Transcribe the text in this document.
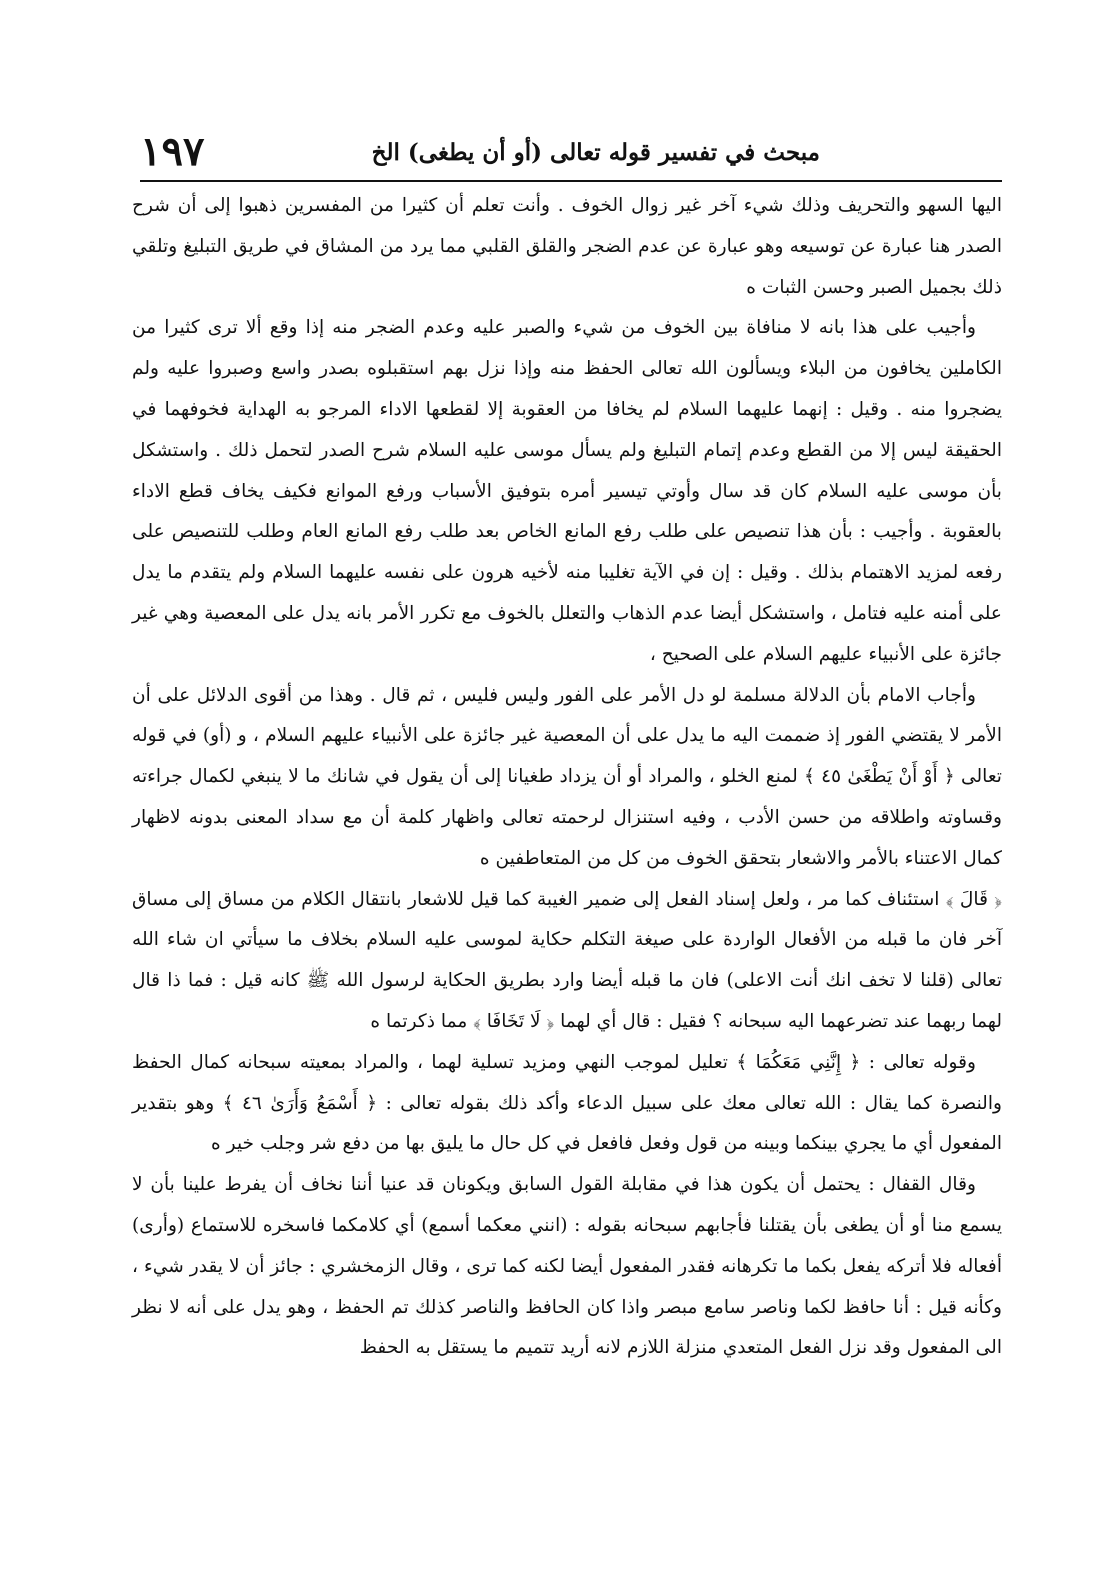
١٩٧	مبحث في تفسير قوله تعالى (أو أن يطغى) الخ

اليها السهو والتحريف وذلك شيء آخر غير زوال الخوف . وأنت تعلم أن كثيرا من المفسرين ذهبوا إلى أن شرح الصدر هنا عبارة عن توسيعه وهو عبارة عن عدم الضجر والقلق القلبي مما يرد من المشاق في طريق التبليغ وتلقي ذلك بجميل الصبر وحسن الثبات ه

وأجيب على هذا بانه لا منافاة بين الخوف من شيء والصبر عليه وعدم الضجر منه إذا وقع ألا ترى كثيرا من الكاملين يخافون من البلاء ويسألون الله تعالى الحفظ منه وإذا نزل بهم استقبلوه بصدر واسع وصبروا عليه ولم يضجروا منه . وقيل : إنهما عليهما السلام لم يخافا من العقوبة إلا لقطعها الاداء المرجو به الهداية فخوفهما في الحقيقة ليس إلا من القطع وعدم إتمام التبليغ ولم يسأل موسى عليه السلام شرح الصدر لتحمل ذلك . واستشكل بأن موسى عليه السلام كان قد سال وأوتي تيسير أمره بتوفيق الأسباب ورفع الموانع فكيف يخاف قطع الاداء بالعقوبة . وأجيب : بأن هذا تنصيص على طلب رفع المانع الخاص بعد طلب رفع المانع العام وطلب للتنصيص على رفعه لمزيد الاهتمام بذلك . وقيل : إن في الآية تغليبا منه لأخيه هرون على نفسه عليهما السلام ولم يتقدم ما يدل على أمنه عليه فتامل ، واستشكل أيضا عدم الذهاب والتعلل بالخوف مع تكرر الأمر بانه يدل على المعصية وهي غير جائزة على الأنبياء عليهم السلام على الصحيح ،

وأجاب الامام بأن الدلالة مسلمة لو دل الأمر على الفور وليس فليس ، ثم قال . وهذا من أقوى الدلائل على أن الأمر لا يقتضي الفور إذ ضممت اليه ما يدل على أن المعصية غير جائزة على الأنبياء عليهم السلام ، و (أو) في قوله تعالى ﴿ أَوْ أَنْ يَطْغَىٰ ٤٥ ﴾ لمنع الخلو ، والمراد أو أن يزداد طغيانا إلى أن يقول في شانك ما لا ينبغي لكمال جراءته وقساوته واطلاقه من حسن الأدب ، وفيه استنزال لرحمته تعالى واظهار كلمة أن مع سداد المعنى بدونه لاظهار كمال الاعتناء بالأمر والاشعار بتحقق الخوف من كل من المتعاطفين ه

﴿ قَالَ ﴾ استئناف كما مر ، ولعل إسناد الفعل إلى ضمير الغيبة كما قيل للاشعار بانتقال الكلام من مساق إلى مساق آخر فان ما قبله من الأفعال الواردة على صيغة التكلم حكاية لموسى عليه السلام بخلاف ما سيأتي ان شاء الله تعالى (قلنا لا تخف انك أنت الاعلى) فان ما قبله أيضا وارد بطريق الحكاية لرسول الله ﷺ كانه قيل : فما ذا قال لهما ربهما عند تضرعهما اليه سبحانه ؟ فقيل : قال أي لهما ﴿ لَا تَخَافَا ﴾ مما ذكرتما ه

وقوله تعالى : ﴿ إِنَّنِي مَعَكُمَا ﴾ تعليل لموجب النهي ومزيد تسلية لهما ، والمراد بمعيته سبحانه كمال الحفظ والنصرة كما يقال : الله تعالى معك على سبيل الدعاء وأكد ذلك بقوله تعالى : ﴿ أَسْمَعُ وَأَرَىٰ ٤٦ ﴾ وهو بتقدير المفعول أي ما يجري بينكما وبينه من قول وفعل فافعل في كل حال ما يليق بها من دفع شر وجلب خير ه

وقال القفال : يحتمل أن يكون هذا في مقابلة القول السابق ويكونان قد عنيا أننا نخاف أن يفرط علينا بأن لا يسمع منا أو أن يطغى بأن يقتلنا فأجابهم سبحانه بقوله : (انني معكما أسمع) أي كلامكما فاسخره للاستماع (وأرى) أفعاله فلا أتركه يفعل بكما ما تكرهانه فقدر المفعول أيضا لكنه كما ترى ، وقال الزمخشري : جائز أن لا يقدر شيء ، وكأنه قيل : أنا حافظ لكما وناصر سامع مبصر واذا كان الحافظ والناصر كذلك تم الحفظ ، وهو يدل على أنه لا نظر الى المفعول وقد نزل الفعل المتعدي منزلة اللازم لانه أريد تتميم ما يستقل به الحفظ
